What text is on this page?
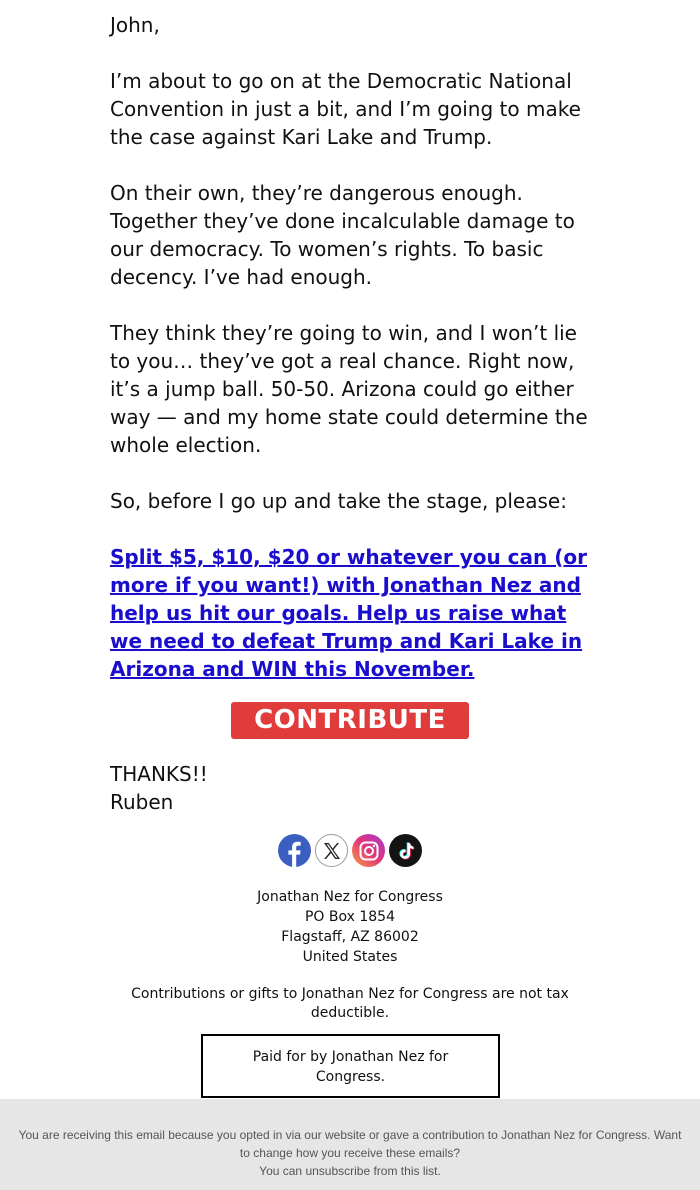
John,

I’m about to go on at the Democratic National Convention in just a bit, and I’m going to make the case against Kari Lake and Trump.

On their own, they’re dangerous enough. Together they’ve done incalculable damage to our democracy. To women’s rights. To basic decency. I’ve had enough.

They think they’re going to win, and I won’t lie to you… they’ve got a real chance. Right now, it’s a jump ball. 50-50. Arizona could go either way — and my home state could determine the whole election.

So, before I go up and take the stage, please:

Split $5, $10, $20 or whatever you can (or more if you want!) with Jonathan Nez and help us hit our goals. Help us raise what we need to defeat Trump and Kari Lake in Arizona and WIN this November.
CONTRIBUTE
THANKS!!
Ruben
Jonathan Nez for Congress
PO Box 1854
Flagstaff, AZ 86002
United States
Contributions or gifts to Jonathan Nez for Congress are not tax deductible.
Paid for by Jonathan Nez for Congress.
You are receiving this email because you opted in via our website or gave a contribution to Jonathan Nez for Congress. Want to change how you receive these emails?
You can unsubscribe from this list.
